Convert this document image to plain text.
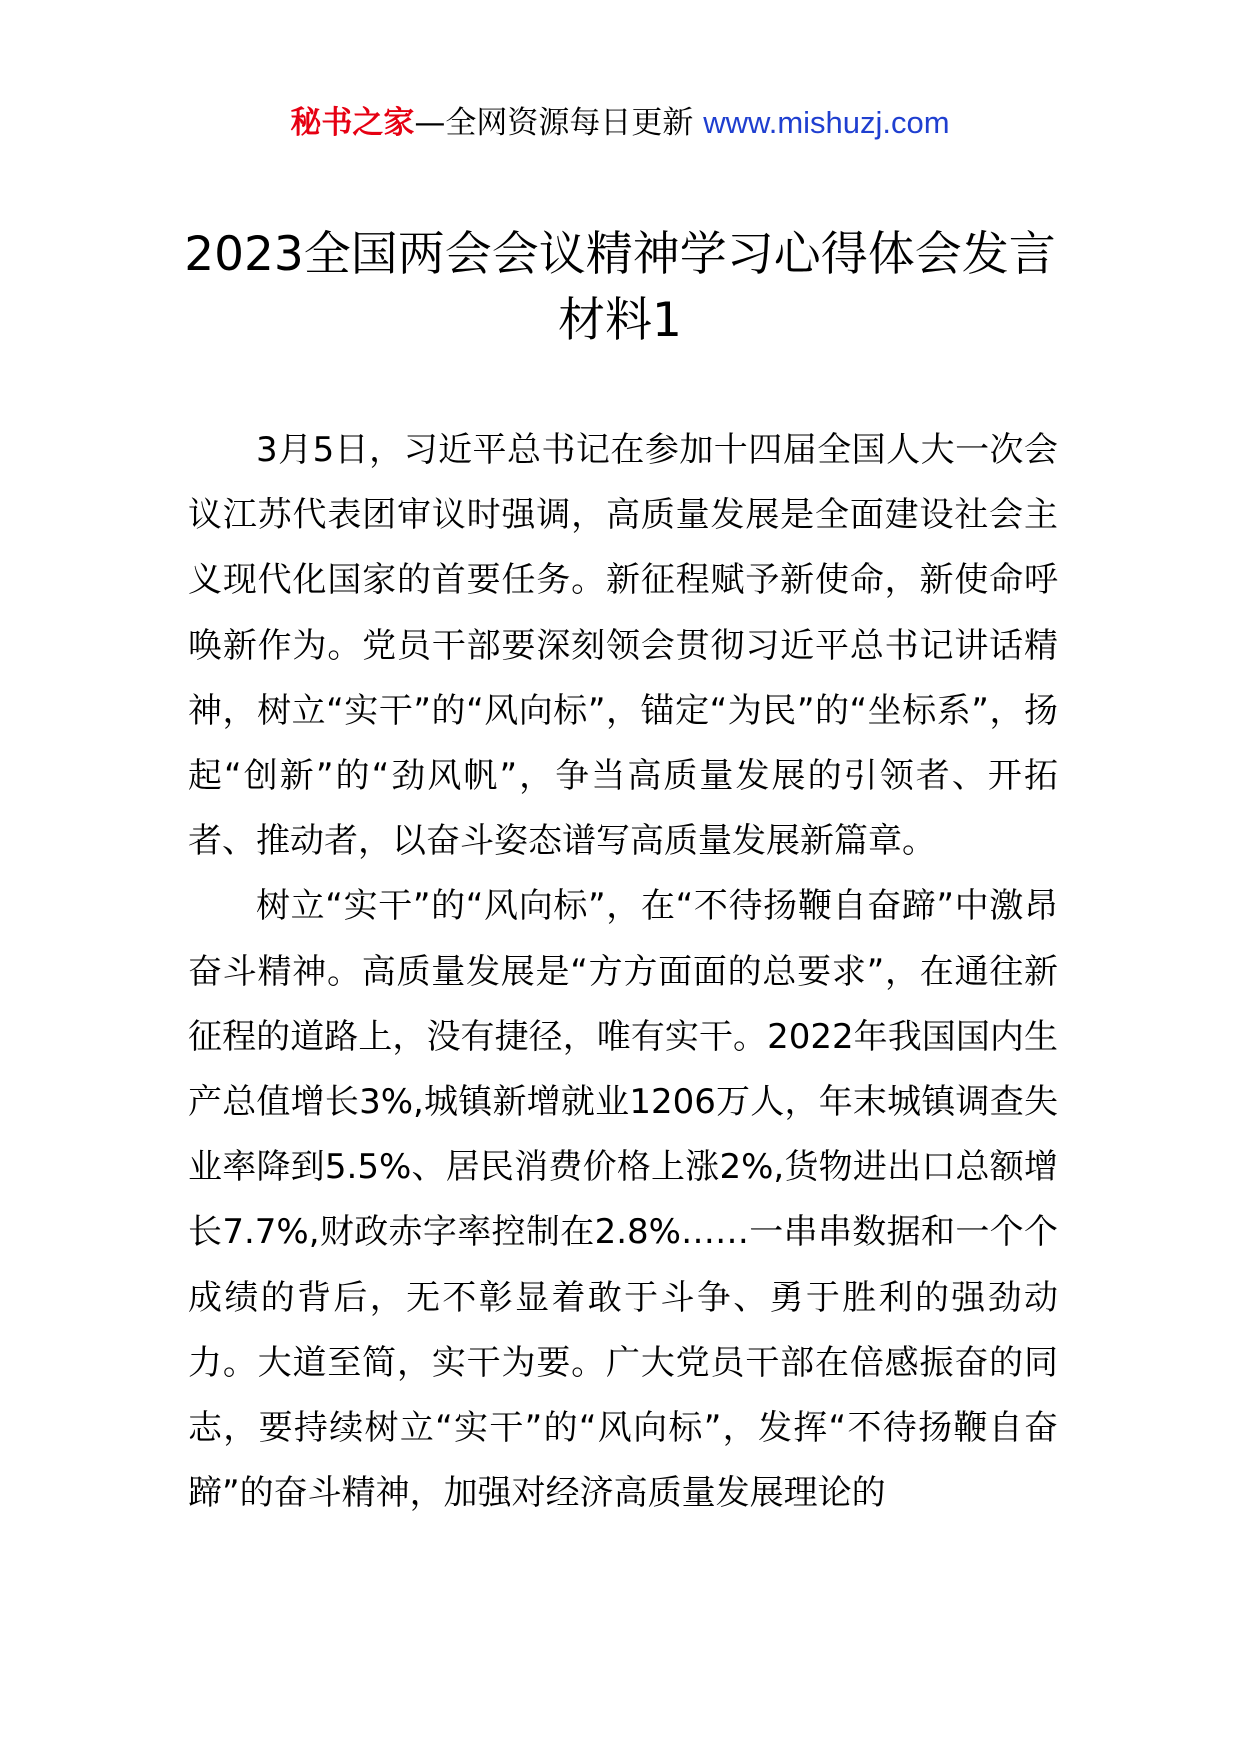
秘书之家—全网资源每日更新 www.mishuzj.com
2023全国两会会议精神学习心得体会发言
材料1

3月5日，习近平总书记在参加十四届全国人大一次会议江苏代表团审议时强调，高质量发展是全面建设社会主义现代化国家的首要任务。新征程赋予新使命，新使命呼唤新作为。党员干部要深刻领会贯彻习近平总书记讲话精神，树立“实干”的“风向标”，锚定“为民”的“坐标系”，扬起“创新”的“劲风帆”，争当高质量发展的引领者、开拓者、推动者，以奋斗姿态谱写高质量发展新篇章。

树立“实干”的“风向标”，在“不待扬鞭自奋蹄”中激昂奋斗精神。高质量发展是“方方面面的总要求”，在通往新征程的道路上，没有捷径，唯有实干。2022年我国国内生产总值增长3%,城镇新增就业1206万人，年末城镇调查失业率降到5.5%、居民消费价格上涨2%,货物进出口总额增长7.7%,财政赤字率控制在2.8%……一串串数据和一个个成绩的背后，无不彰显着敢于斗争、勇于胜利的强劲动力。大道至简，实干为要。广大党员干部在倍感振奋的同志，要持续树立“实干”的“风向标”，发挥“不待扬鞭自奋蹄”的奋斗精神，加强对经济高质量发展理论的
